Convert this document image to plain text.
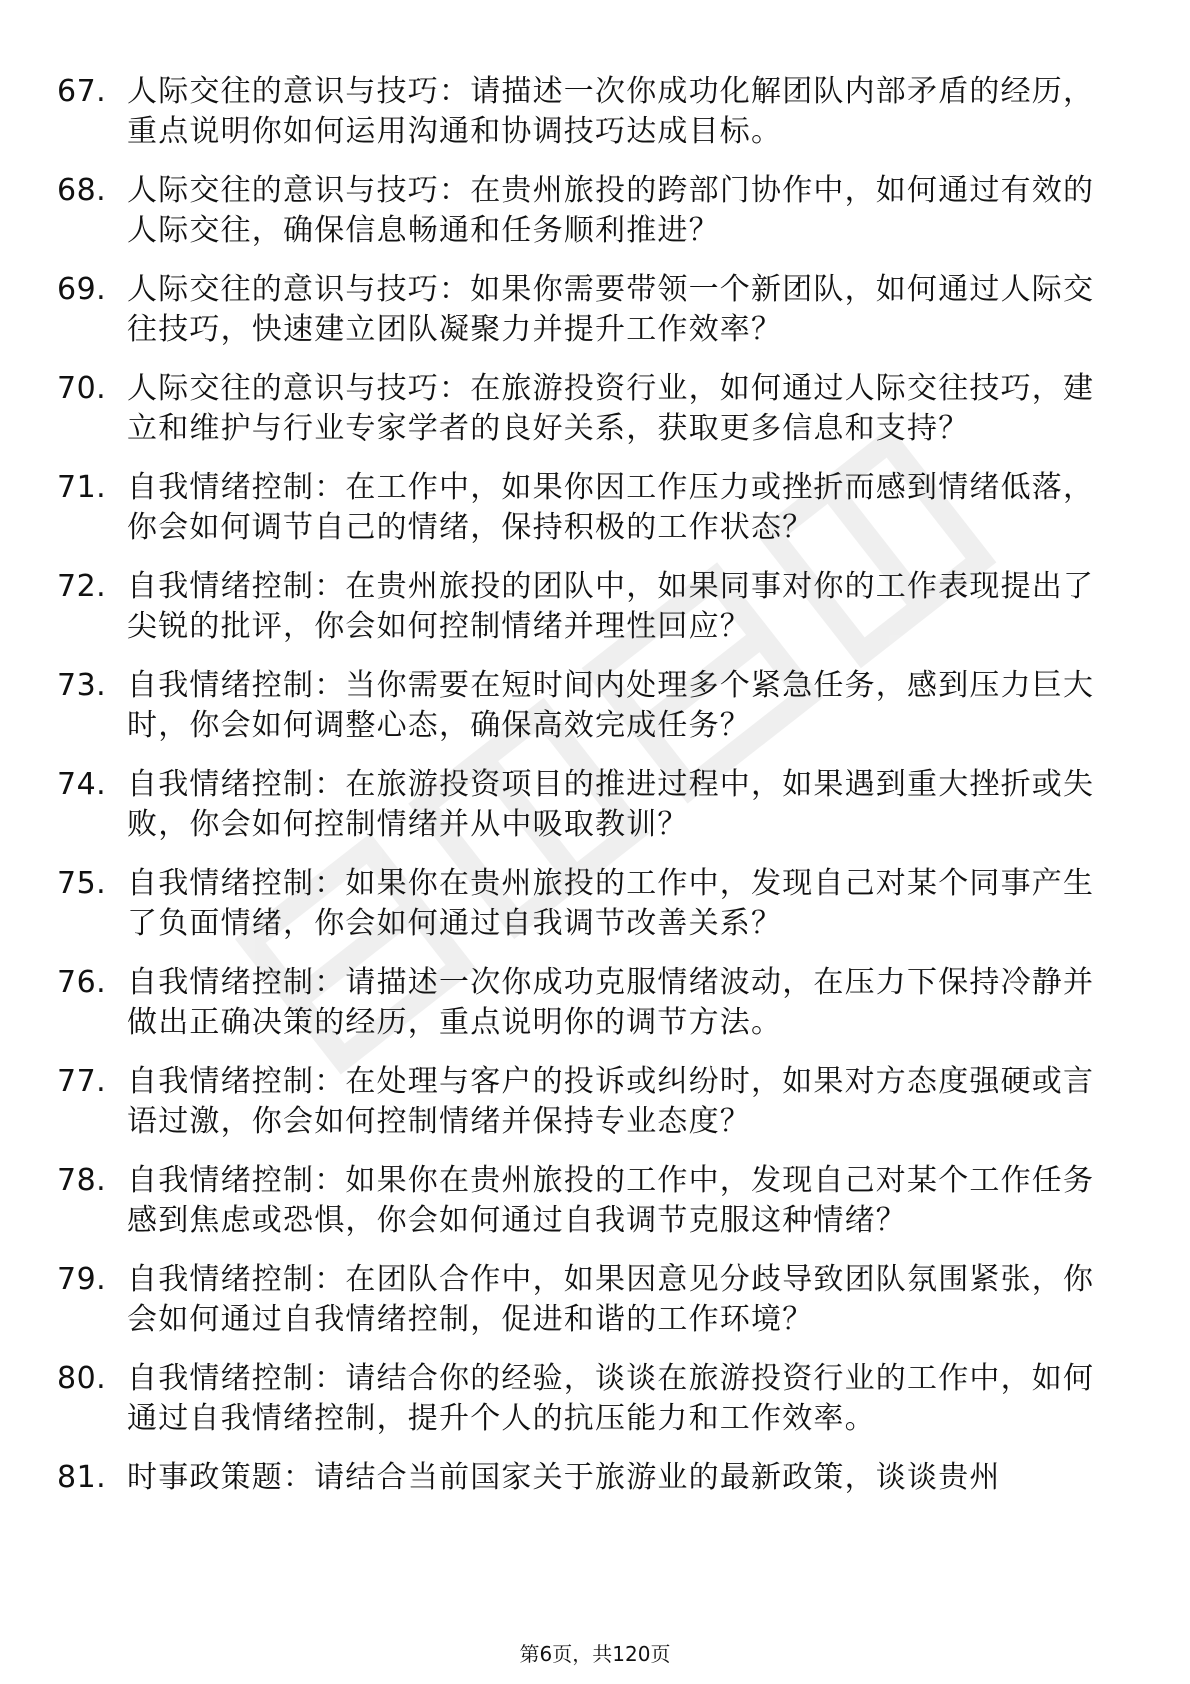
67. 人际交往的意识与技巧：请描述一次你成功化解团队内部矛盾的经历，重点说明你如何运用沟通和协调技巧达成目标。
68. 人际交往的意识与技巧：在贵州旅投的跨部门协作中，如何通过有效的人际交往，确保信息畅通和任务顺利推进？
69. 人际交往的意识与技巧：如果你需要带领一个新团队，如何通过人际交往技巧，快速建立团队凝聚力并提升工作效率？
70. 人际交往的意识与技巧：在旅游投资行业，如何通过人际交往技巧，建立和维护与行业专家学者的良好关系，获取更多信息和支持？
71. 自我情绪控制：在工作中，如果你因工作压力或挫折而感到情绪低落，你会如何调节自己的情绪，保持积极的工作状态？
72. 自我情绪控制：在贵州旅投的团队中，如果同事对你的工作表现提出了尖锐的批评，你会如何控制情绪并理性回应？
73. 自我情绪控制：当你需要在短时间内处理多个紧急任务，感到压力巨大时，你会如何调整心态，确保高效完成任务？
74. 自我情绪控制：在旅游投资项目的推进过程中，如果遇到重大挫折或失败，你会如何控制情绪并从中吸取教训？
75. 自我情绪控制：如果你在贵州旅投的工作中，发现自己对某个同事产生了负面情绪，你会如何通过自我调节改善关系？
76. 自我情绪控制：请描述一次你成功克服情绪波动，在压力下保持冷静并做出正确决策的经历，重点说明你的调节方法。
77. 自我情绪控制：在处理与客户的投诉或纠纷时，如果对方态度强硬或言语过激，你会如何控制情绪并保持专业态度？
78. 自我情绪控制：如果你在贵州旅投的工作中，发现自己对某个工作任务感到焦虑或恐惧，你会如何通过自我调节克服这种情绪？
79. 自我情绪控制：在团队合作中，如果因意见分歧导致团队氛围紧张，你会如何通过自我情绪控制，促进和谐的工作环境？
80. 自我情绪控制：请结合你的经验，谈谈在旅游投资行业的工作中，如何通过自我情绪控制，提升个人的抗压能力和工作效率。
81. 时事政策题：请结合当前国家关于旅游业的最新政策，谈谈贵州
第6页，共120页
